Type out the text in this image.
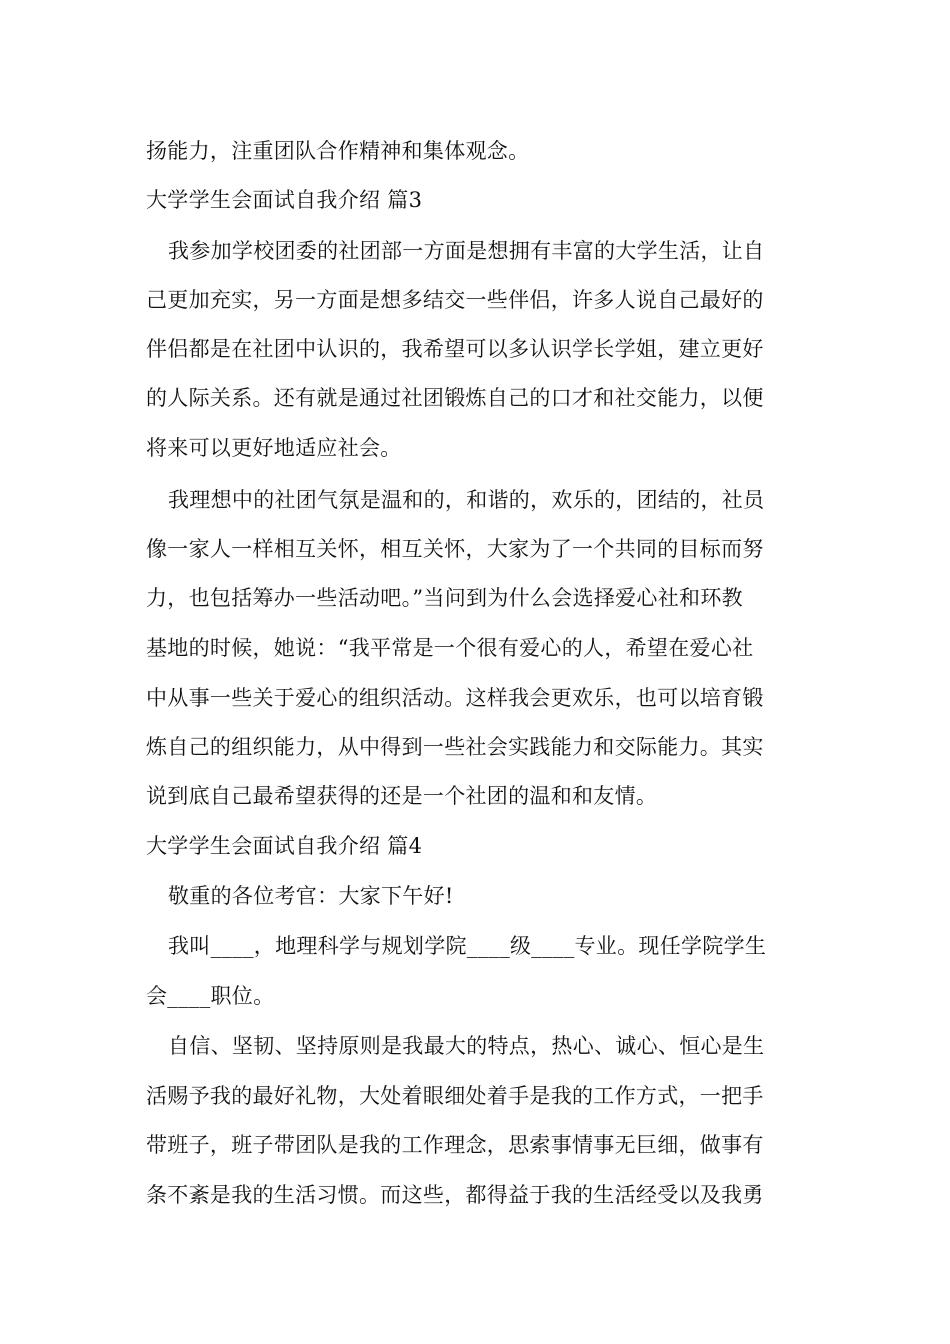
扬能力，注重团队合作精神和集体观念。
大学学生会面试自我介绍 篇3
我参加学校团委的社团部一方面是想拥有丰富的大学生活，让自
己更加充实，另一方面是想多结交一些伴侣，许多人说自己最好的
伴侣都是在社团中认识的，我希望可以多认识学长学姐，建立更好
的人际关系。还有就是通过社团锻炼自己的口才和社交能力，以便
将来可以更好地适应社会。
我理想中的社团气氛是温和的，和谐的，欢乐的，团结的，社员
像一家人一样相互关怀，相互关怀，大家为了一个共同的目标而努
力，也包括筹办一些活动吧。”当问到为什么会选择爱心社和环教
基地的时候，她说：“我平常是一个很有爱心的人，希望在爱心社
中从事一些关于爱心的组织活动。这样我会更欢乐，也可以培育锻
炼自己的组织能力，从中得到一些社会实践能力和交际能力。其实
说到底自己最希望获得的还是一个社团的温和和友情。
大学学生会面试自我介绍 篇4
敬重的各位考官：大家下午好!
我叫____，地理科学与规划学院____级____专业。现任学院学生
会____职位。
自信、坚韧、坚持原则是我最大的特点，热心、诚心、恒心是生
活赐予我的最好礼物，大处着眼细处着手是我的工作方式，一把手
带班子，班子带团队是我的工作理念，思索事情事无巨细，做事有
条不紊是我的生活习惯。而这些，都得益于我的生活经受以及我勇
